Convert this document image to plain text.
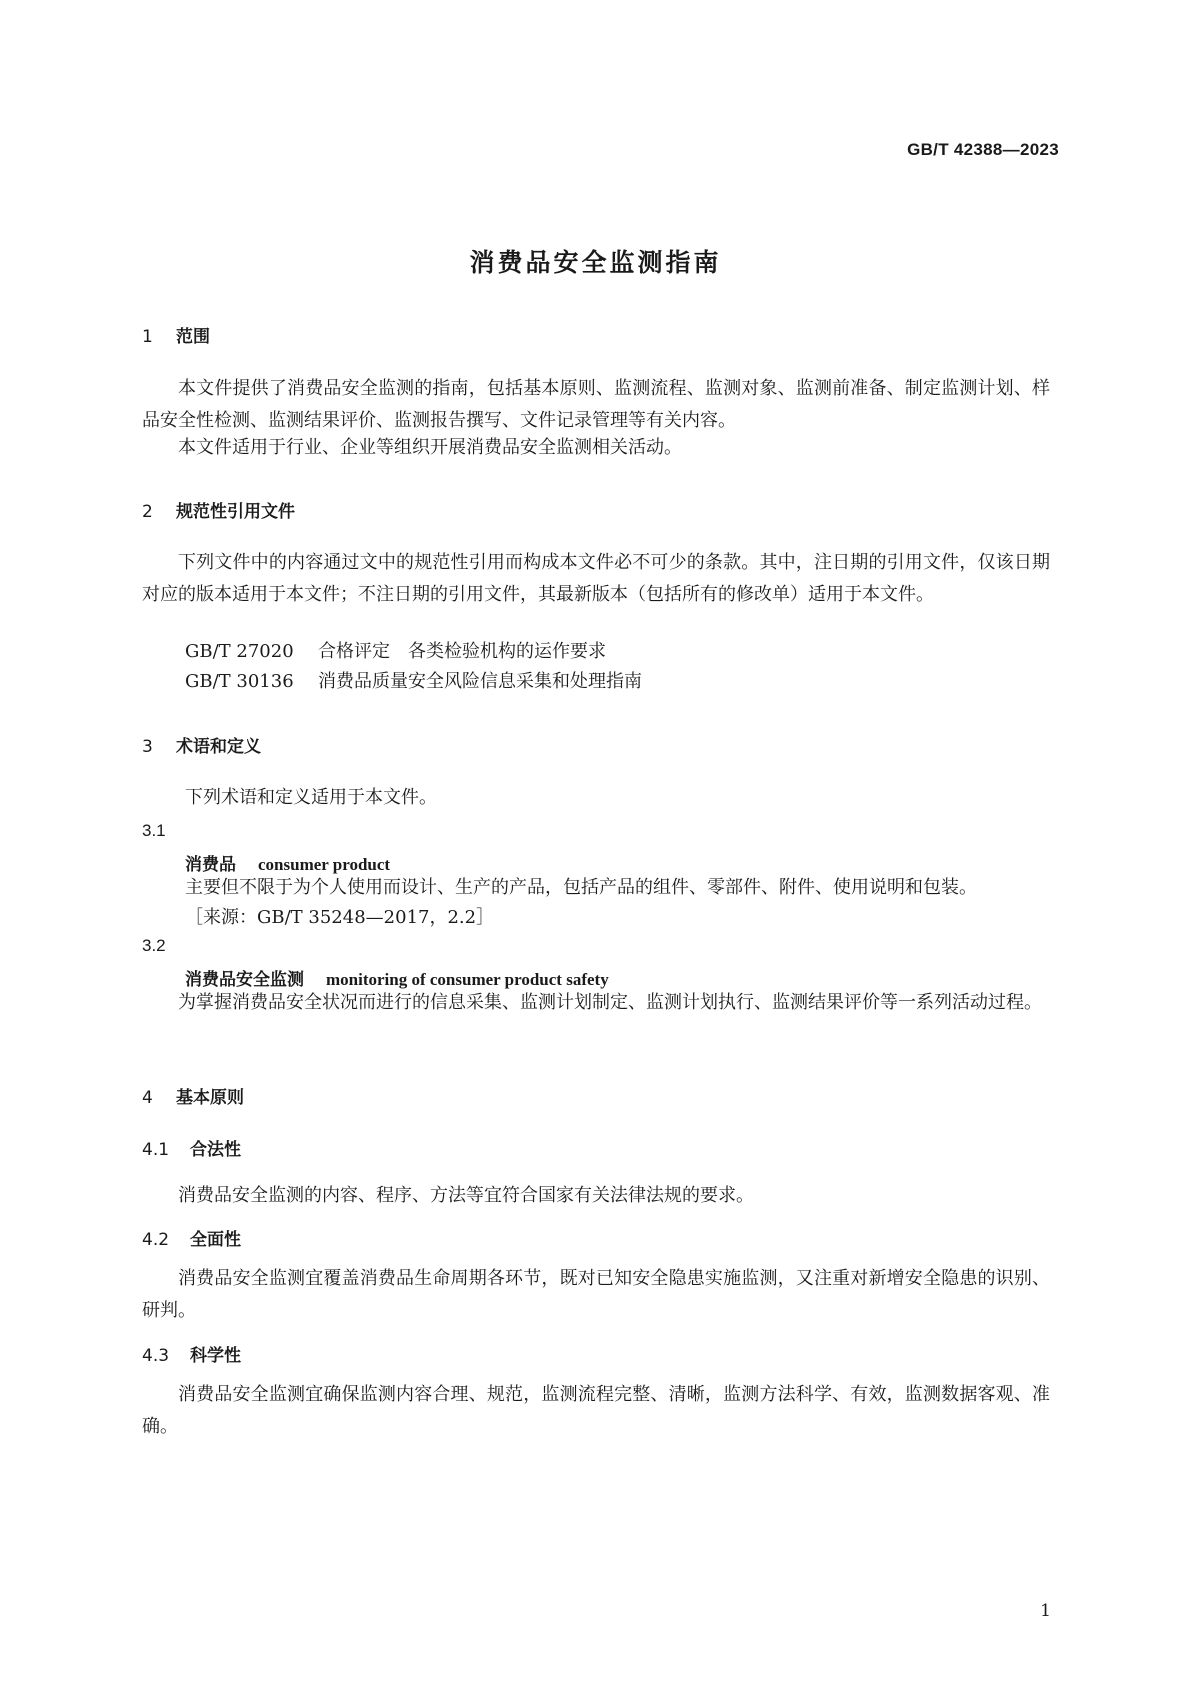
GB/T 42388—2023
消费品安全监测指南
1 范围
本文件提供了消费品安全监测的指南，包括基本原则、监测流程、监测对象、监测前准备、制定监测计划、样品安全性检测、监测结果评价、监测报告撰写、文件记录管理等有关内容。
本文件适用于行业、企业等组织开展消费品安全监测相关活动。
2 规范性引用文件
下列文件中的内容通过文中的规范性引用而构成本文件必不可少的条款。其中，注日期的引用文件，仅该日期对应的版本适用于本文件；不注日期的引用文件，其最新版本（包括所有的修改单）适用于本文件。
GB/T 27020 合格评定　各类检验机构的运作要求
GB/T 30136 消费品质量安全风险信息采集和处理指南
3 术语和定义
下列术语和定义适用于本文件。
3.1
消费品 consumer product
主要但不限于为个人使用而设计、生产的产品，包括产品的组件、零部件、附件、使用说明和包装。
［来源：GB/T 35248—2017，2.2］
3.2
消费品安全监测 monitoring of consumer product safety
为掌握消费品安全状况而进行的信息采集、监测计划制定、监测计划执行、监测结果评价等一系列活动过程。
4 基本原则
4.1 合法性
消费品安全监测的内容、程序、方法等宜符合国家有关法律法规的要求。
4.2 全面性
消费品安全监测宜覆盖消费品生命周期各环节，既对已知安全隐患实施监测，又注重对新增安全隐患的识别、研判。
4.3 科学性
消费品安全监测宜确保监测内容合理、规范，监测流程完整、清晰，监测方法科学、有效，监测数据客观、准确。
1
